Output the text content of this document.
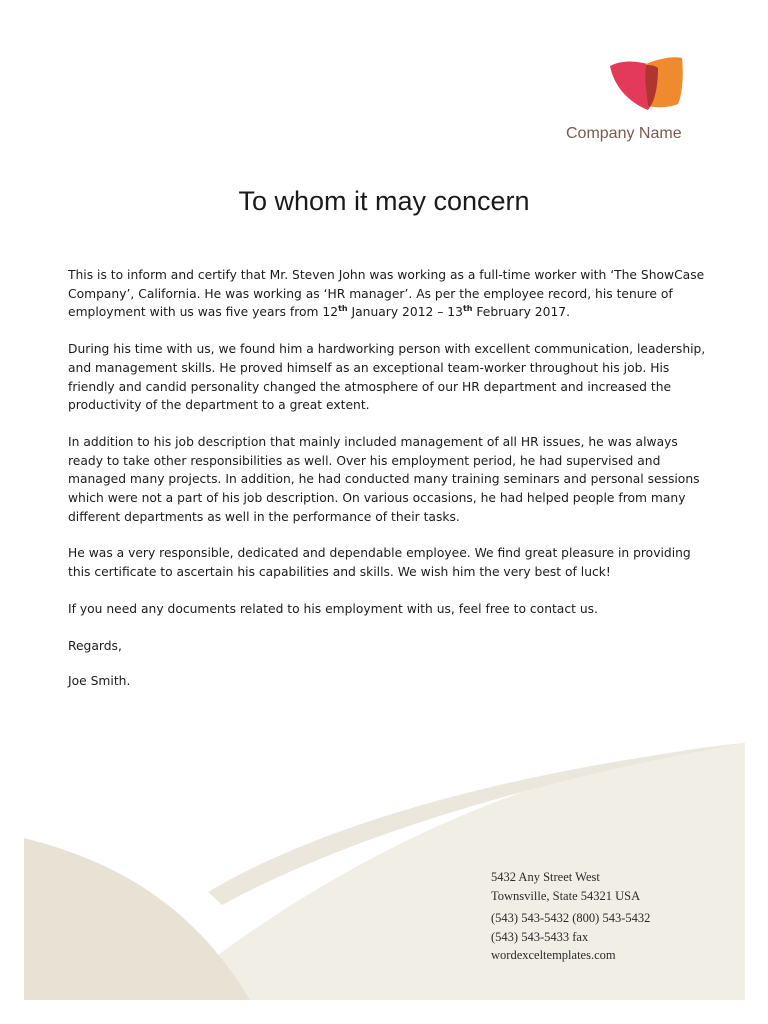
Company Name
To whom it may concern

This is to inform and certify that Mr. Steven John was working as a full-time worker with ‘The ShowCase Company’, California. He was working as ‘HR manager’. As per the employee record, his tenure of employment with us was five years from 12th January 2012 – 13th February 2017.

During his time with us, we found him a hardworking person with excellent communication, leadership, and management skills. He proved himself as an exceptional team-worker throughout his job. His friendly and candid personality changed the atmosphere of our HR department and increased the productivity of the department to a great extent.

In addition to his job description that mainly included management of all HR issues, he was always ready to take other responsibilities as well. Over his employment period, he had supervised and managed many projects. In addition, he had conducted many training seminars and personal sessions which were not a part of his job description. On various occasions, he had helped people from many different departments as well in the performance of their tasks.

He was a very responsible, dedicated and dependable employee. We find great pleasure in providing this certificate to ascertain his capabilities and skills. We wish him the very best of luck!

If you need any documents related to his employment with us, feel free to contact us.

Regards,

Joe Smith.

5432 Any Street West
Townsville, State 54321 USA
(543) 543-5432 (800) 543-5432
(543) 543-5433 fax
wordexceltemplates.com
